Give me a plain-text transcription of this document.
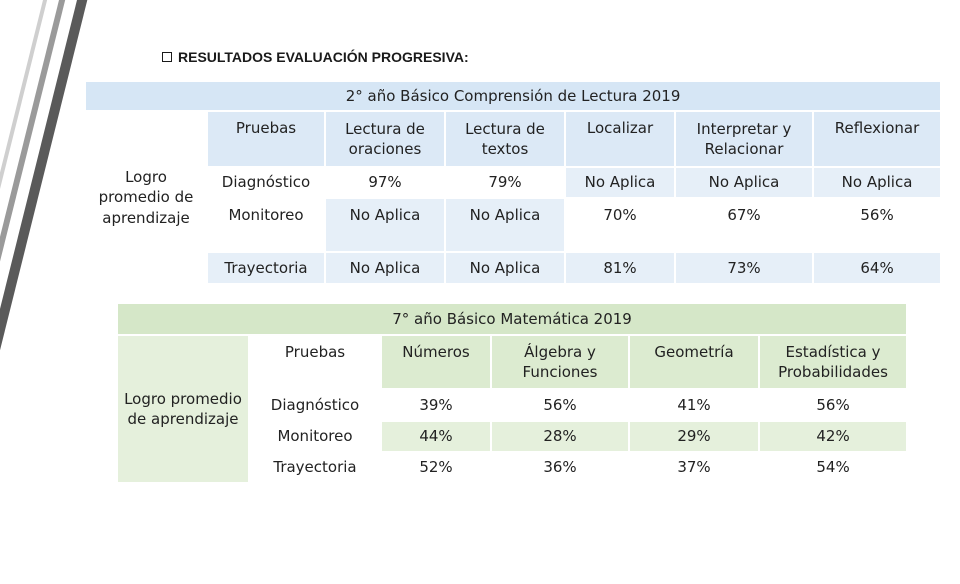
RESULTADOS EVALUACIÓN PROGRESIVA:
2° año Básico Comprensión de Lectura 2019						
Logro promedio de aprendizaje	Pruebas	Lectura de oraciones	Lectura de textos	Localizar	Interpretar y Relacionar	Reflexionar
	Diagnóstico	97%	79%	No Aplica	No Aplica	No Aplica
	Monitoreo	No Aplica	No Aplica	70%	67%	56%
	Trayectoria	No Aplica	No Aplica	81%	73%	64%
7° año Básico Matemática 2019					
Logro promedio de aprendizaje	Pruebas	Números	Álgebra y Funciones	Geometría	Estadística y Probabilidades
	Diagnóstico	39%	56%	41%	56%
	Monitoreo	44%	28%	29%	42%
	Trayectoria	52%	36%	37%	54%
